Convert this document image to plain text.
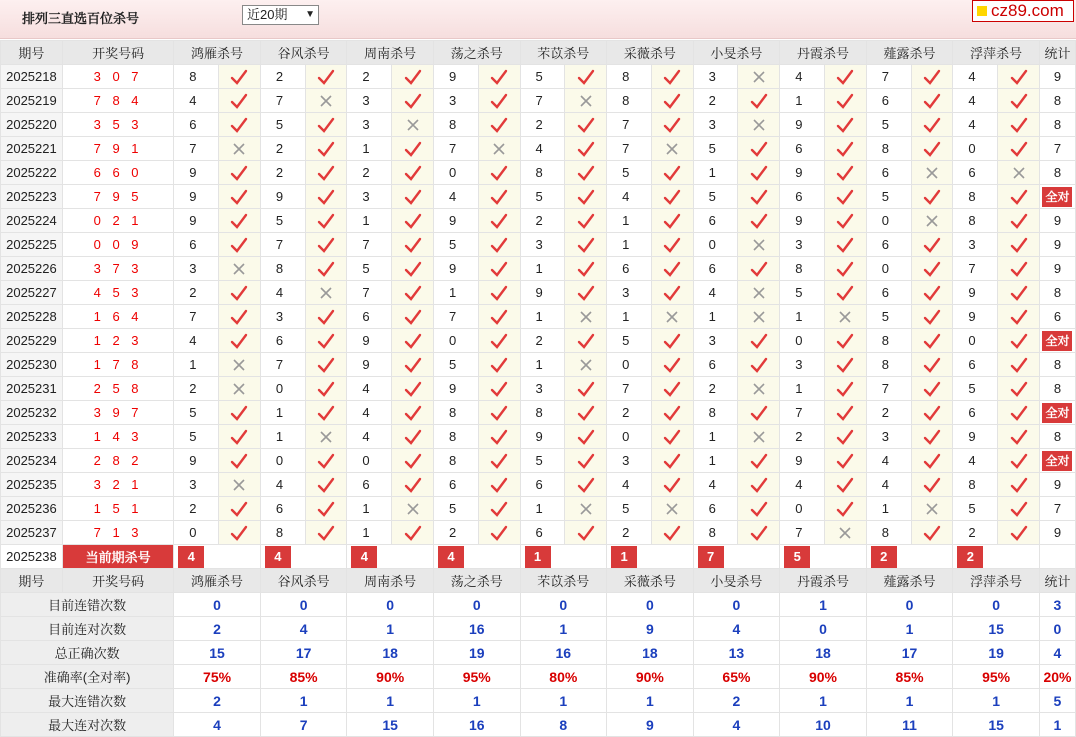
排列三直选百位杀号	近20期 ▼	cz89.com
期号	开奖号码	鸿雁杀号		谷风杀号		周南杀号		荡之杀号		芣苡杀号		采薇杀号		小旻杀号		丹霞杀号		薤露杀号		浮萍杀号		统计
2025218	3 0 7	8		2		2		9		5		8		3		4		7		4		9
2025219	7 8 4	4		7		3		3		7		8		2		1		6		4		8
2025220	3 5 3	6		5		3		8		2		7		3		9		5		4		8
2025221	7 9 1	7		2		1		7		4		7		5		6		8		0		7
2025222	6 6 0	9		2		2		0		8		5		1		9		6		6		8
2025223	7 9 5	9		9		3		4		5		4		5		6		5		8		全对
2025224	0 2 1	9		5		1		9		2		1		6		9		0		8		9
2025225	0 0 9	6		7		7		5		3		1		0		3		6		3		9
2025226	3 7 3	3		8		5		9		1		6		6		8		0		7		9
2025227	4 5 3	2		4		7		1		9		3		4		5		6		9		8
2025228	1 6 4	7		3		6		7		1		1		1		1		5		9		6
2025229	1 2 3	4		6		9		0		2		5		3		0		8		0		全对
2025230	1 7 8	1		7		9		5		1		0		6		3		8		6		8
2025231	2 5 8	2		0		4		9		3		7		2		1		7		5		8
2025232	3 9 7	5		1		4		8		8		2		8		7		2		6		全对
2025233	1 4 3	5		1		4		8		9		0		1		2		3		9		8
2025234	2 8 2	9		0		0		8		5		3		1		9		4		4		全对
2025235	3 2 1	3		4		6		6		6		4		4		4		4		8		9
2025236	1 5 1	2		6		1		5		1		5		6		0		1		5		7
2025237	7 1 3	0		8		1		2		6		2		8		7		8		2		9
2025238	当前期杀号	4		4		4		4		1		1		7		5		2		2		
期号	开奖号码	鸿雁杀号		谷风杀号		周南杀号		荡之杀号		芣苡杀号		采薇杀号		小旻杀号		丹霞杀号		薤露杀号		浮萍杀号		统计
目前连错次数		0		0		0		0		0		0		0		1		0		0		3
目前连对次数		2		4		1		16		1		9		4		0		1		15		0
总正确次数		15		17		18		19		16		18		13		18		17		19		4
准确率(全对率)		75%		85%		90%		95%		80%		90%		65%		90%		85%		95%		20%
最大连错次数		2		1		1		1		1		1		2		1		1		1		5
最大连对次数		4		7		15		16		8		9		4		10		11		15		1
